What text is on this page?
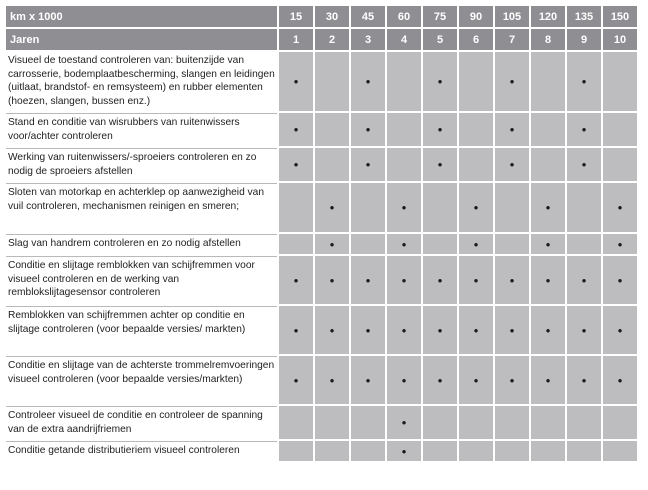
km x 1000	15	30	45	60	75	90	105	120	135	150
Jaren	1	2	3	4	5	6	7	8	9	10
Visueel de toestand controleren van: buitenzijde van carrosserie, bodemplaatbescherming, slangen en leidingen (uitlaat, brandstof- en remsysteem) en rubber elementen (hoezen, slangen, bussen enz.)	•		•		•		•		•	
Stand en conditie van wisrubbers van ruitenwissers voor/achter controleren	•		•		•		•		•	
Werking van ruitenwissers/-sproeiers controleren en zo nodig de sproeiers afstellen	•		•		•		•		•	
Sloten van motorkap en achterklep op aanwezigheid van vuil controleren, mechanismen reinigen en smeren;		•		•		•		•		•
Slag van handrem controleren en zo nodig afstellen		•		•		•		•		•
Conditie en slijtage remblokken van schijfremmen voor visueel controleren en de werking van remblokslijtagesensor controleren	•	•	•	•	•	•	•	•	•	•
Remblokken van schijfremmen achter op conditie en slijtage controleren (voor bepaalde versies/ markten)	•	•	•	•	•	•	•	•	•	•
Conditie en slijtage van de achterste trommelremvoeringen visueel controleren (voor bepaalde versies/markten)	•	•	•	•	•	•	•	•	•	•
Controleer visueel de conditie en controleer de spanning van de extra aandrijfriemen				•						
Conditie getande distributieriem visueel controleren				•						
